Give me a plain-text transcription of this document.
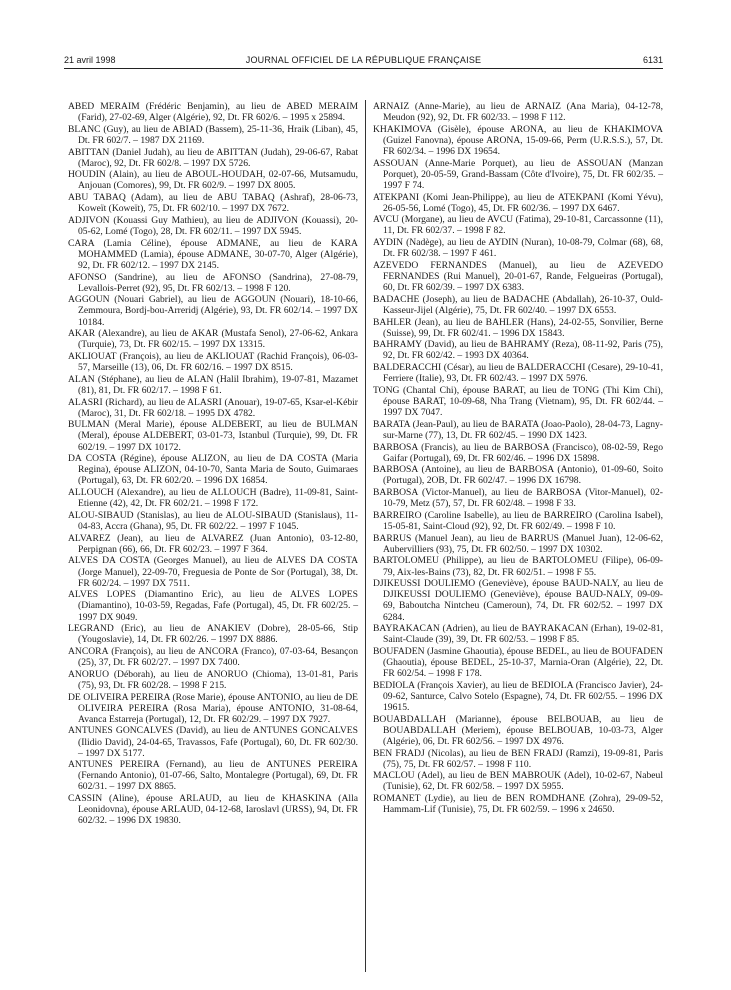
21 avril 1998	JOURNAL OFFICIEL DE LA RÉPUBLIQUE FRANÇAISE	6131

ABED MERAIM (Frédéric Benjamin), au lieu de ABED MERAIM (Farid), 27-02-69, Alger (Algérie), 92, Dt. FR 602/6. – 1995 x 25894.

BLANC (Guy), au lieu de ABIAD (Bassem), 25-11-36, Hraik (Liban), 45, Dt. FR 602/7. – 1987 DX 21169.

ABITTAN (Daniel Judah), au lieu de ABITTAN (Judah), 29-06-67, Rabat (Maroc), 92, Dt. FR 602/8. – 1997 DX 5726.

HOUDIN (Alain), au lieu de ABOUL-HOUDAH, 02-07-66, Mutsamudu, Anjouan (Comores), 99, Dt. FR 602/9. – 1997 DX 8005.

ABU TABAQ (Adam), au lieu de ABU TABAQ (Ashraf), 28-06-73, Koweït (Koweït), 75, Dt. FR 602/10. – 1997 DX 7672.

ADJIVON (Kouassi Guy Mathieu), au lieu de ADJIVON (Kouassi), 20-05-62, Lomé (Togo), 28, Dt. FR 602/11. – 1997 DX 5945.

CARA (Lamia Céline), épouse ADMANE, au lieu de KARA MOHAMMED (Lamia), épouse ADMANE, 30-07-70, Alger (Algérie), 92, Dt. FR 602/12. – 1997 DX 2145.

AFONSO (Sandrine), au lieu de AFONSO (Sandrina), 27-08-79, Levallois-Perret (92), 95, Dt. FR 602/13. – 1998 F 120.

AGGOUN (Nouari Gabriel), au lieu de AGGOUN (Nouari), 18-10-66, Zemmoura, Bordj-bou-Arreridj (Algérie), 93, Dt. FR 602/14. – 1997 DX 10184.

AKAR (Alexandre), au lieu de AKAR (Mustafa Senol), 27-06-62, Ankara (Turquie), 73, Dt. FR 602/15. – 1997 DX 13315.

AKLIOUAT (François), au lieu de AKLIOUAT (Rachid François), 06-03-57, Marseille (13), 06, Dt. FR 602/16. – 1997 DX 8515.

ALAN (Stéphane), au lieu de ALAN (Halil Ibrahim), 19-07-81, Mazamet (81), 81, Dt. FR 602/17. – 1998 F 61.

ALASRI (Richard), au lieu de ALASRI (Anouar), 19-07-65, Ksar-el-Kébir (Maroc), 31, Dt. FR 602/18. – 1995 DX 4782.

BULMAN (Meral Marie), épouse ALDEBERT, au lieu de BULMAN (Meral), épouse ALDEBERT, 03-01-73, Istanbul (Turquie), 99, Dt. FR 602/19. – 1997 DX 10172.

DA COSTA (Régine), épouse ALIZON, au lieu de DA COSTA (Maria Regina), épouse ALIZON, 04-10-70, Santa Maria de Souto, Guimaraes (Portugal), 63, Dt. FR 602/20. – 1996 DX 16854.

ALLOUCH (Alexandre), au lieu de ALLOUCH (Badre), 11-09-81, Saint-Etienne (42), 42, Dt. FR 602/21. – 1998 F 172.

ALOU-SIBAUD (Stanislas), au lieu de ALOU-SIBAUD (Stanislaus), 11-04-83, Accra (Ghana), 95, Dt. FR 602/22. – 1997 F 1045.

ALVAREZ (Jean), au lieu de ALVAREZ (Juan Antonio), 03-12-80, Perpignan (66), 66, Dt. FR 602/23. – 1997 F 364.

ALVES DA COSTA (Georges Manuel), au lieu de ALVES DA COSTA (Jorge Manuel), 22-09-70, Freguesia de Ponte de Sor (Portugal), 38, Dt. FR 602/24. – 1997 DX 7511.

ALVES LOPES (Diamantino Eric), au lieu de ALVES LOPES (Diamantino), 10-03-59, Regadas, Fafe (Portugal), 45, Dt. FR 602/25. – 1997 DX 9049.

LEGRAND (Eric), au lieu de ANAKIEV (Dobre), 28-05-66, Stip (Yougoslavie), 14, Dt. FR 602/26. – 1997 DX 8886.

ANCORA (François), au lieu de ANCORA (Franco), 07-03-64, Besançon (25), 37, Dt. FR 602/27. – 1997 DX 7400.

ANORUO (Déborah), au lieu de ANORUO (Chioma), 13-01-81, Paris (75), 93, Dt. FR 602/28. – 1998 F 215.

DE OLIVEIRA PEREIRA (Rose Marie), épouse ANTONIO, au lieu de DE OLIVEIRA PEREIRA (Rosa Maria), épouse ANTONIO, 31-08-64, Avanca Estarreja (Portugal), 12, Dt. FR 602/29. – 1997 DX 7927.

ANTUNES GONCALVES (David), au lieu de ANTUNES GONCALVES (Ilidio David), 24-04-65, Travassos, Fafe (Portugal), 60, Dt. FR 602/30. – 1997 DX 5177.

ANTUNES PEREIRA (Fernand), au lieu de ANTUNES PEREIRA (Fernando Antonio), 01-07-66, Salto, Montalegre (Portugal), 69, Dt. FR 602/31. – 1997 DX 8865.

CASSIN (Aline), épouse ARLAUD, au lieu de KHASKINA (Alla Leonidovna), épouse ARLAUD, 04-12-68, Iaroslavl (URSS), 94, Dt. FR 602/32. – 1996 DX 19830.

ARNAIZ (Anne-Marie), au lieu de ARNAIZ (Ana Maria), 04-12-78, Meudon (92), 92, Dt. FR 602/33. – 1998 F 112.

KHAKIMOVA (Gisèle), épouse ARONA, au lieu de KHAKIMOVA (Guizel Fanovna), épouse ARONA, 15-09-66, Perm (U.R.S.S.), 57, Dt. FR 602/34. – 1996 DX 19654.

ASSOUAN (Anne-Marie Porquet), au lieu de ASSOUAN (Manzan Porquet), 20-05-59, Grand-Bassam (Côte d'Ivoire), 75, Dt. FR 602/35. – 1997 F 74.

ATEKPANI (Komi Jean-Philippe), au lieu de ATEKPANI (Komi Yévu), 26-05-56, Lomé (Togo), 45, Dt. FR 602/36. – 1997 DX 6467.

AVCU (Morgane), au lieu de AVCU (Fatima), 29-10-81, Carcassonne (11), 11, Dt. FR 602/37. – 1998 F 82.

AYDIN (Nadège), au lieu de AYDIN (Nuran), 10-08-79, Colmar (68), 68, Dt. FR 602/38. – 1997 F 461.

AZEVEDO FERNANDES (Manuel), au lieu de AZEVEDO FERNANDES (Rui Manuel), 20-01-67, Rande, Felgueiras (Portugal), 60, Dt. FR 602/39. – 1997 DX 6383.

BADACHE (Joseph), au lieu de BADACHE (Abdallah), 26-10-37, Ould-Kasseur-Jijel (Algérie), 75, Dt. FR 602/40. – 1997 DX 6553.

BAHLER (Jean), au lieu de BAHLER (Hans), 24-02-55, Sonvilier, Berne (Suisse), 99, Dt. FR 602/41. – 1996 DX 15843.

BAHRAMY (David), au lieu de BAHRAMY (Reza), 08-11-92, Paris (75), 92, Dt. FR 602/42. – 1993 DX 40364.

BALDERACCHI (César), au lieu de BALDERACCHI (Cesare), 29-10-41, Ferriere (Italie), 93, Dt. FR 602/43. – 1997 DX 5976.

TONG (Chantal Chi), épouse BARAT, au lieu de TONG (Thi Kim Chi), épouse BARAT, 10-09-68, Nha Trang (Vietnam), 95, Dt. FR 602/44. – 1997 DX 7047.

BARATA (Jean-Paul), au lieu de BARATA (Joao-Paolo), 28-04-73, Lagny-sur-Marne (77), 13, Dt. FR 602/45. – 1990 DX 1423.

BARBOSA (Francis), au lieu de BARBOSA (Francisco), 08-02-59, Rego Gaifar (Portugal), 69, Dt. FR 602/46. – 1996 DX 15898.

BARBOSA (Antoine), au lieu de BARBOSA (Antonio), 01-09-60, Soito (Portugal), 2OB, Dt. FR 602/47. – 1996 DX 16798.

BARBOSA (Victor-Manuel), au lieu de BARBOSA (Vitor-Manuel), 02-10-79, Metz (57), 57, Dt. FR 602/48. – 1998 F 33.

BARREIRO (Caroline Isabelle), au lieu de BARREIRO (Carolina Isabel), 15-05-81, Saint-Cloud (92), 92, Dt. FR 602/49. – 1998 F 10.

BARRUS (Manuel Jean), au lieu de BARRUS (Manuel Juan), 12-06-62, Aubervilliers (93), 75, Dt. FR 602/50. – 1997 DX 10302.

BARTOLOMEU (Philippe), au lieu de BARTOLOMEU (Filipe), 06-09-79, Aix-les-Bains (73), 82, Dt. FR 602/51. – 1998 F 55.

DJIKEUSSI DOULIEMO (Geneviève), épouse BAUD-NALY, au lieu de DJIKEUSSI DOULIEMO (Geneviève), épouse BAUD-NALY, 09-09-69, Baboutcha Nintcheu (Cameroun), 74, Dt. FR 602/52. – 1997 DX 6284.

BAYRAKACAN (Adrien), au lieu de BAYRAKACAN (Erhan), 19-02-81, Saint-Claude (39), 39, Dt. FR 602/53. – 1998 F 85.

BOUFADEN (Jasmine Ghaoutia), épouse BEDEL, au lieu de BOUFADEN (Ghaoutia), épouse BEDEL, 25-10-37, Marnia-Oran (Algérie), 22, Dt. FR 602/54. – 1998 F 178.

BEDIOLA (François Xavier), au lieu de BEDIOLA (Francisco Javier), 24-09-62, Santurce, Calvo Sotelo (Espagne), 74, Dt. FR 602/55. – 1996 DX 19615.

BOUABDALLAH (Marianne), épouse BELBOUAB, au lieu de BOUABDALLAH (Meriem), épouse BELBOUAB, 10-03-73, Alger (Algérie), 06, Dt. FR 602/56. – 1997 DX 4976.

BEN FRADJ (Nicolas), au lieu de BEN FRADJ (Ramzi), 19-09-81, Paris (75), 75, Dt. FR 602/57. – 1998 F 110.

MACLOU (Adel), au lieu de BEN MABROUK (Adel), 10-02-67, Nabeul (Tunisie), 62, Dt. FR 602/58. – 1997 DX 5955.

ROMANET (Lydie), au lieu de BEN ROMDHANE (Zohra), 29-09-52, Hammam-Lif (Tunisie), 75, Dt. FR 602/59. – 1996 x 24650.
